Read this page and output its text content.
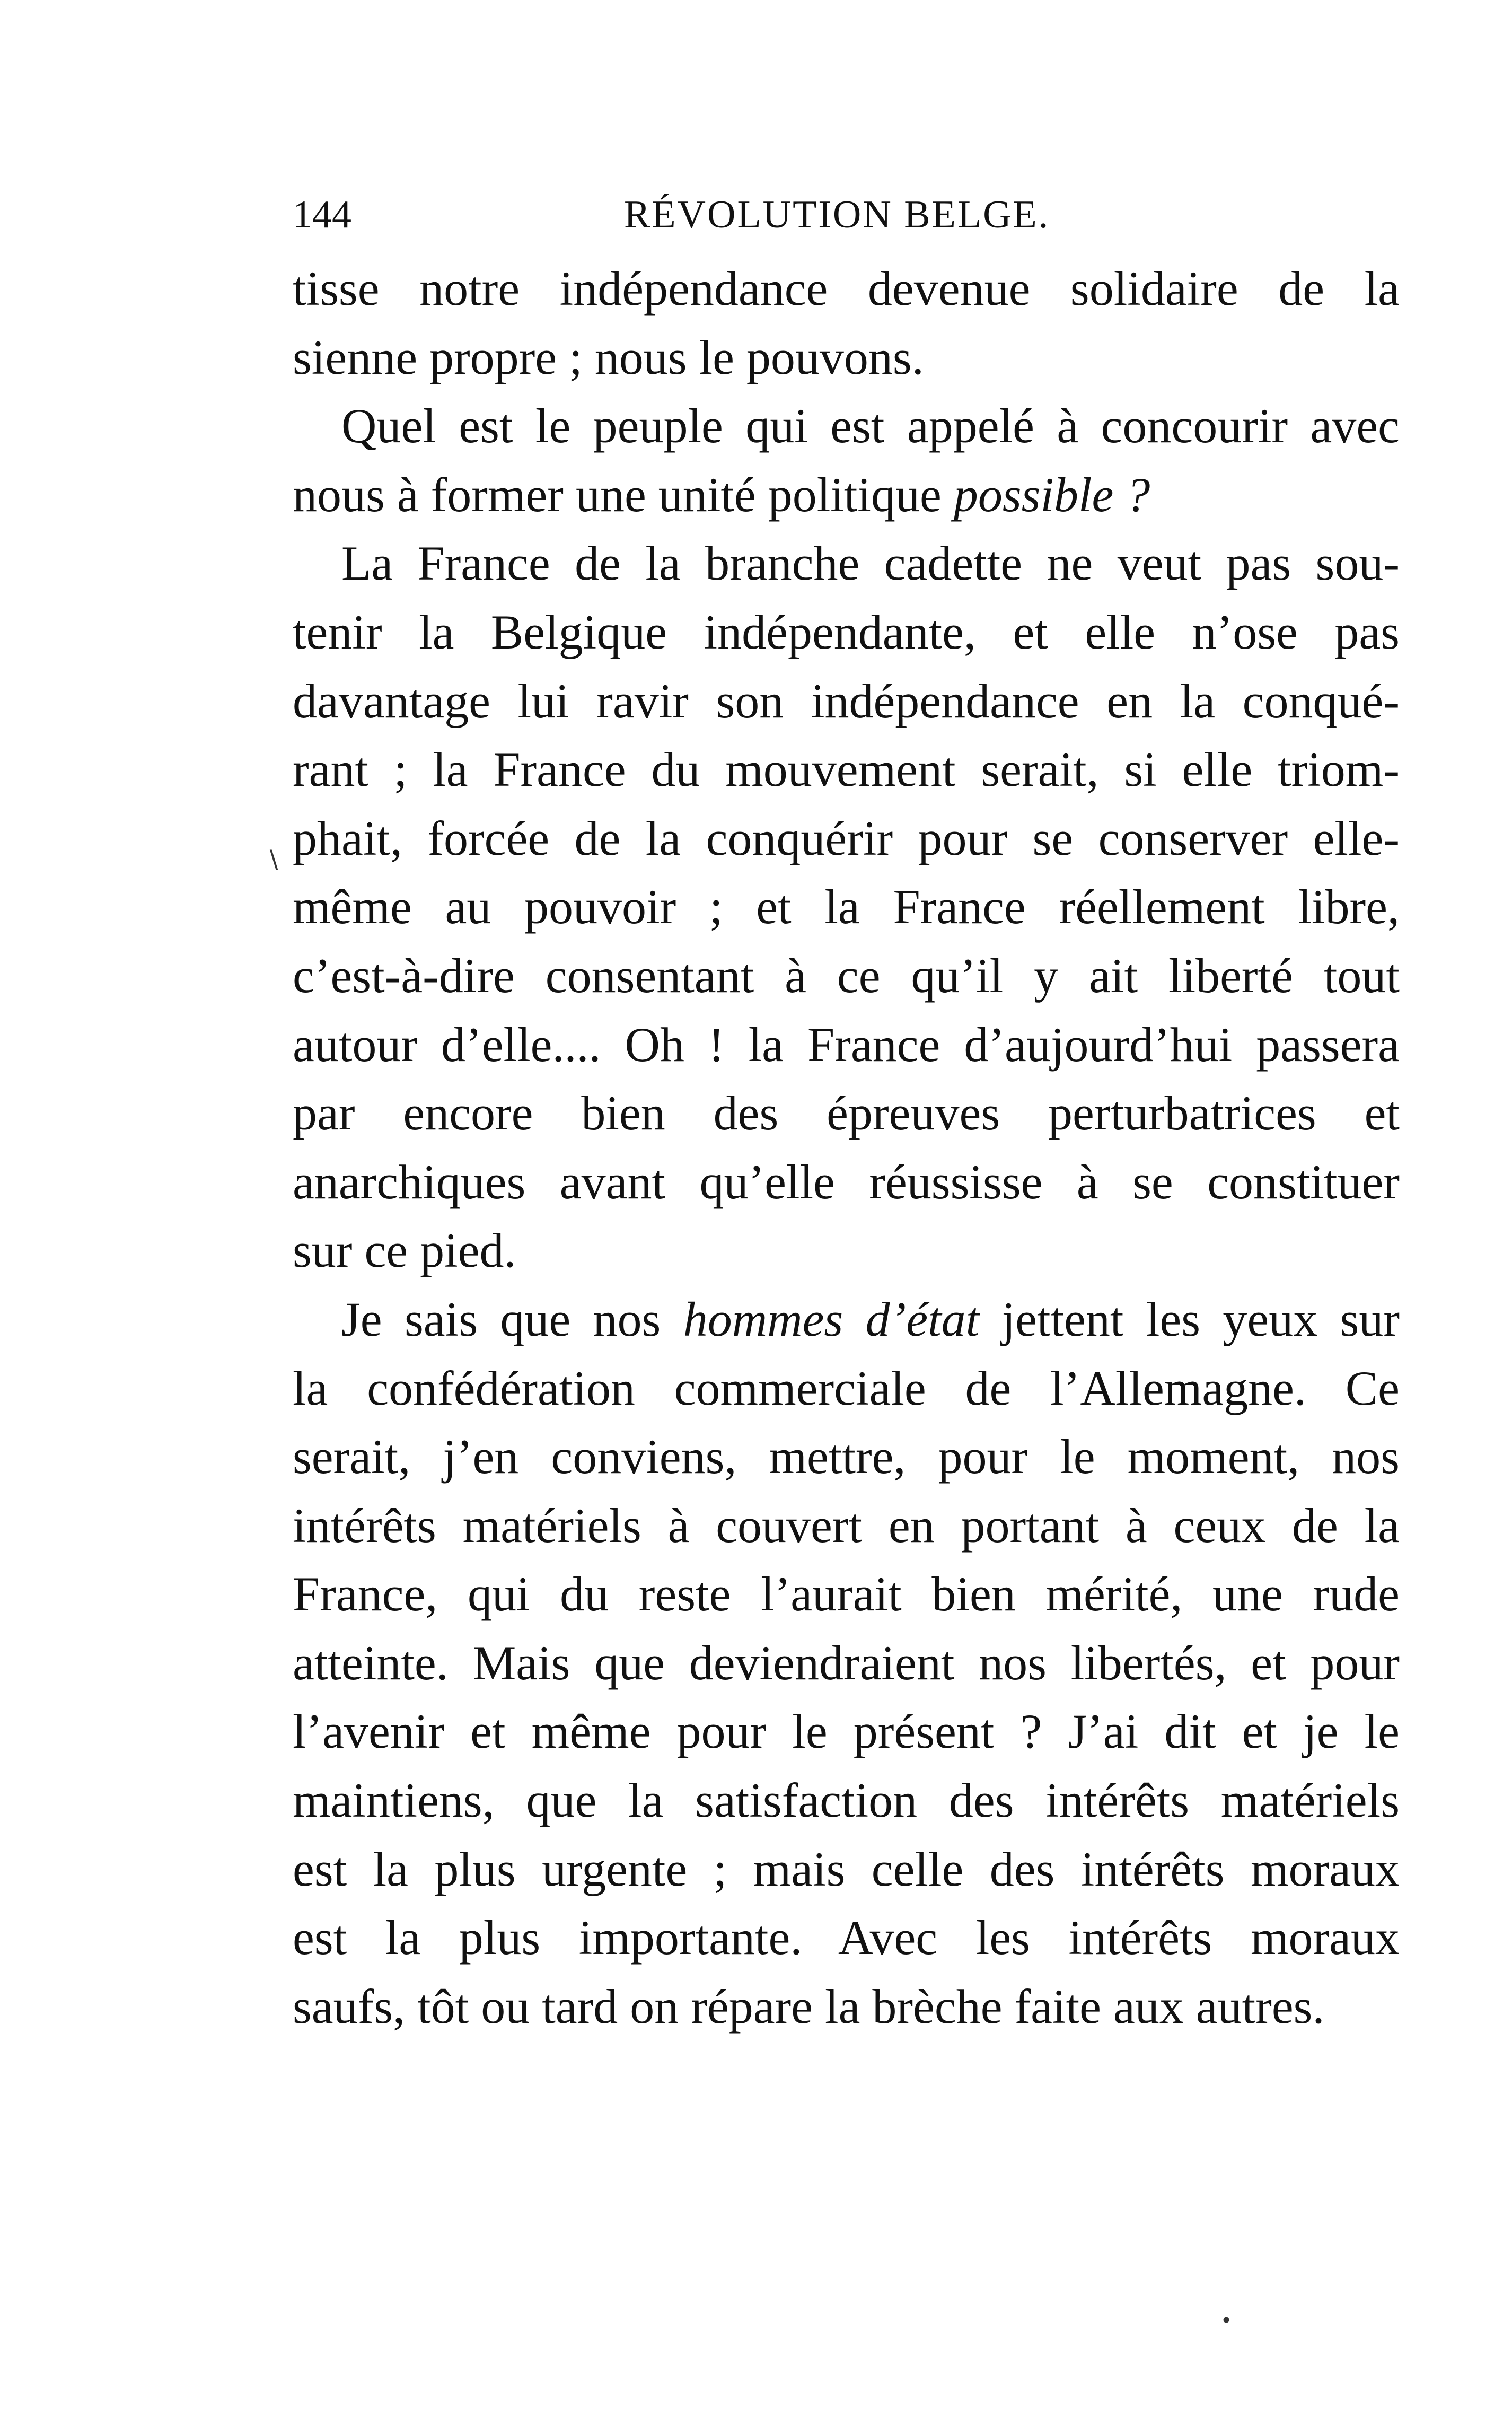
144	RÉVOLUTION BELGE.
tisse notre indépendance devenue solidaire de la
sienne propre ; nous le pouvons.
Quel est le peuple qui est appelé à concourir avec
nous à former une unité politique possible ?
La France de la branche cadette ne veut pas sou-
tenir la Belgique indépendante, et elle n’ose pas
davantage lui ravir son indépendance en la conqué-
rant ; la France du mouvement serait, si elle triom-
phait, forcée de la conquérir pour se conserver elle-
même au pouvoir ; et la France réellement libre,
c’est-à-dire consentant à ce qu’il y ait liberté tout
autour d’elle.... Oh ! la France d’aujourd’hui passera
par encore bien des épreuves perturbatrices et
anarchiques avant qu’elle réussisse à se constituer
sur ce pied.
Je sais que nos hommes d’état jettent les yeux sur
la confédération commerciale de l’Allemagne. Ce
serait, j’en conviens, mettre, pour le moment, nos
intérêts matériels à couvert en portant à ceux de la
France, qui du reste l’aurait bien mérité, une rude
atteinte. Mais que deviendraient nos libertés, et pour
l’avenir et même pour le présent ? J’ai dit et je le
maintiens, que la satisfaction des intérêts matériels
est la plus urgente ; mais celle des intérêts moraux
est la plus importante. Avec les intérêts moraux
saufs, tôt ou tard on répare la brèche faite aux autres.
∖
•
